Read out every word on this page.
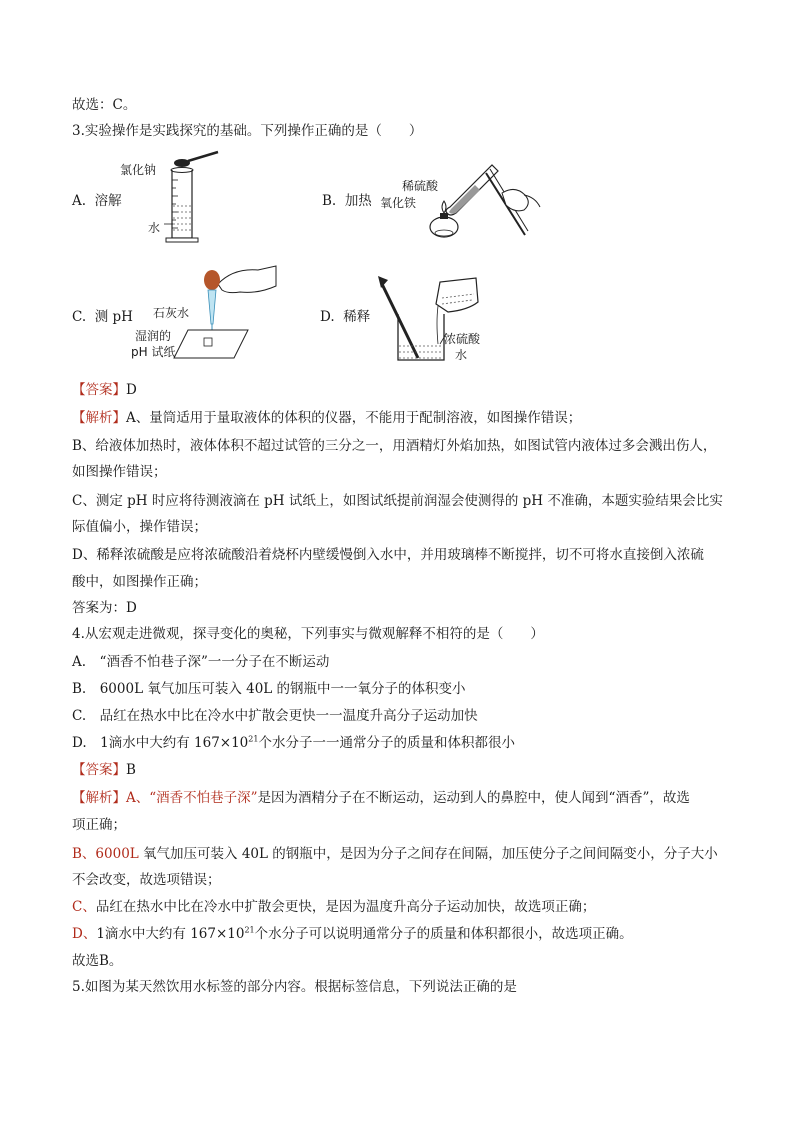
故选：C。
3.实验操作是实践探究的基础。下列操作正确的是（　　）
A. 溶解
氯化钠
水
B. 加热
稀硫酸
氧化铁
C. 测 pH 石灰水
湿润的
pH 试纸
D. 稀释
浓硫酸
水
【答案】D
【解析】A、量筒适用于量取液体的体积的仪器，不能用于配制溶液，如图操作错误；
B、给液体加热时，液体体积不超过试管的三分之一，用酒精灯外焰加热，如图试管内液体过多会溅出伤人，
如图操作错误；
C、测定 pH 时应将待测液滴在 pH 试纸上，如图试纸提前润湿会使测得的 pH 不准确，本题实验结果会比实
际值偏小，操作错误；
D、稀释浓硫酸是应将浓硫酸沿着烧杯内壁缓慢倒入水中，并用玻璃棒不断搅拌，切不可将水直接倒入浓硫
酸中，如图操作正确；
答案为：D
4.从宏观走进微观，探寻变化的奥秘，下列事实与微观解释不相符的是（　　）
A.　“酒香不怕巷子深”一一分子在不断运动
B.　6000L 氧气加压可装入 40L 的钢瓶中一一氧分子的体积变小
C.　品红在热水中比在冷水中扩散会更快一一温度升高分子运动加快
D.　1滴水中大约有 $167\times 10^{21}$个水分子一一通常分子的质量和体积都很小
【答案】B
【解析】A、“酒香不怕巷子深”是因为酒精分子在不断运动，运动到人的鼻腔中，使人闻到“酒香”，故选
项正确；
B、6000L 氧气加压可装入 40L 的钢瓶中，是因为分子之间存在间隔，加压使分子之间间隔变小，分子大小
不会改变，故选项错误；
C、品红在热水中比在冷水中扩散会更快，是因为温度升高分子运动加快，故选项正确；
D、1滴水中大约有 $167\times 10^{21}$个水分子可以说明通常分子的质量和体积都很小，故选项正确。
故选B。
5.如图为某天然饮用水标签的部分内容。根据标签信息，下列说法正确的是
